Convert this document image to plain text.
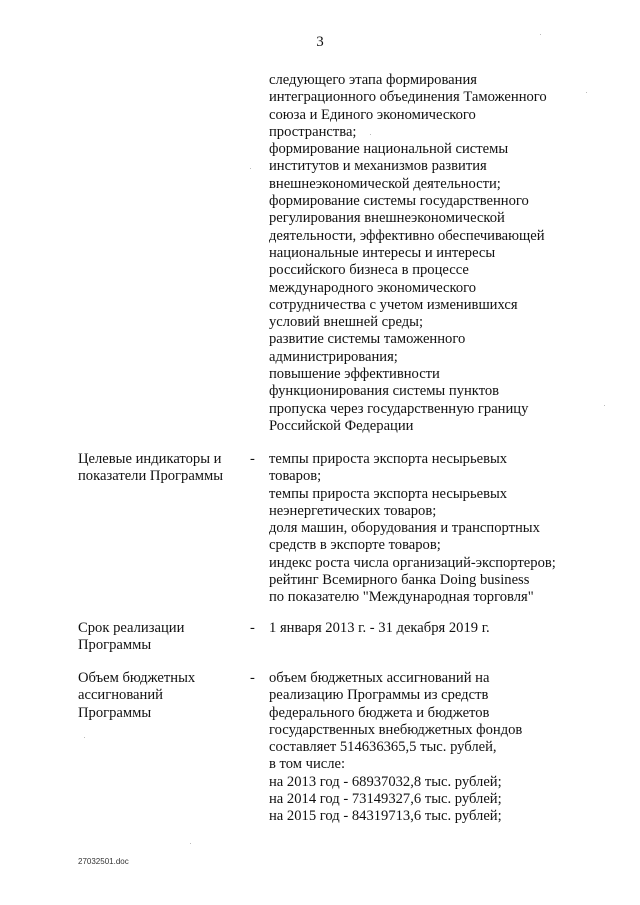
3
следующего этапа формирования
интеграционного объединения Таможенного
союза и Единого экономического
пространства;
формирование национальной системы
институтов и механизмов развития
внешнеэкономической деятельности;
формирование системы государственного
регулирования внешнеэкономической
деятельности, эффективно обеспечивающей
национальные интересы и интересы
российского бизнеса в процессе
международного экономического
сотрудничества с учетом изменившихся
условий внешней среды;
развитие системы таможенного
администрирования;
повышение эффективности
функционирования системы пунктов
пропуска через государственную границу
Российской Федерации
Целевые индикаторы и
показатели Программы
- темпы прироста экспорта несырьевых
товаров;
темпы прироста экспорта несырьевых
неэнергетических товаров;
доля машин, оборудования и транспортных
средств в экспорте товаров;
индекс роста числа организаций-экспортеров;
рейтинг Всемирного банка Doing business
по показателю "Международная торговля"
Срок реализации
Программы
- 1 января 2013 г. - 31 декабря 2019 г.
Объем бюджетных
ассигнований
Программы
- объем бюджетных ассигнований на
реализацию Программы из средств
федерального бюджета и бюджетов
государственных внебюджетных фондов
составляет 514636365,5 тыс. рублей,
в том числе:
на 2013 год - 68937032,8 тыс. рублей;
на 2014 год - 73149327,6 тыс. рублей;
на 2015 год - 84319713,6 тыс. рублей;
27032501.doc
